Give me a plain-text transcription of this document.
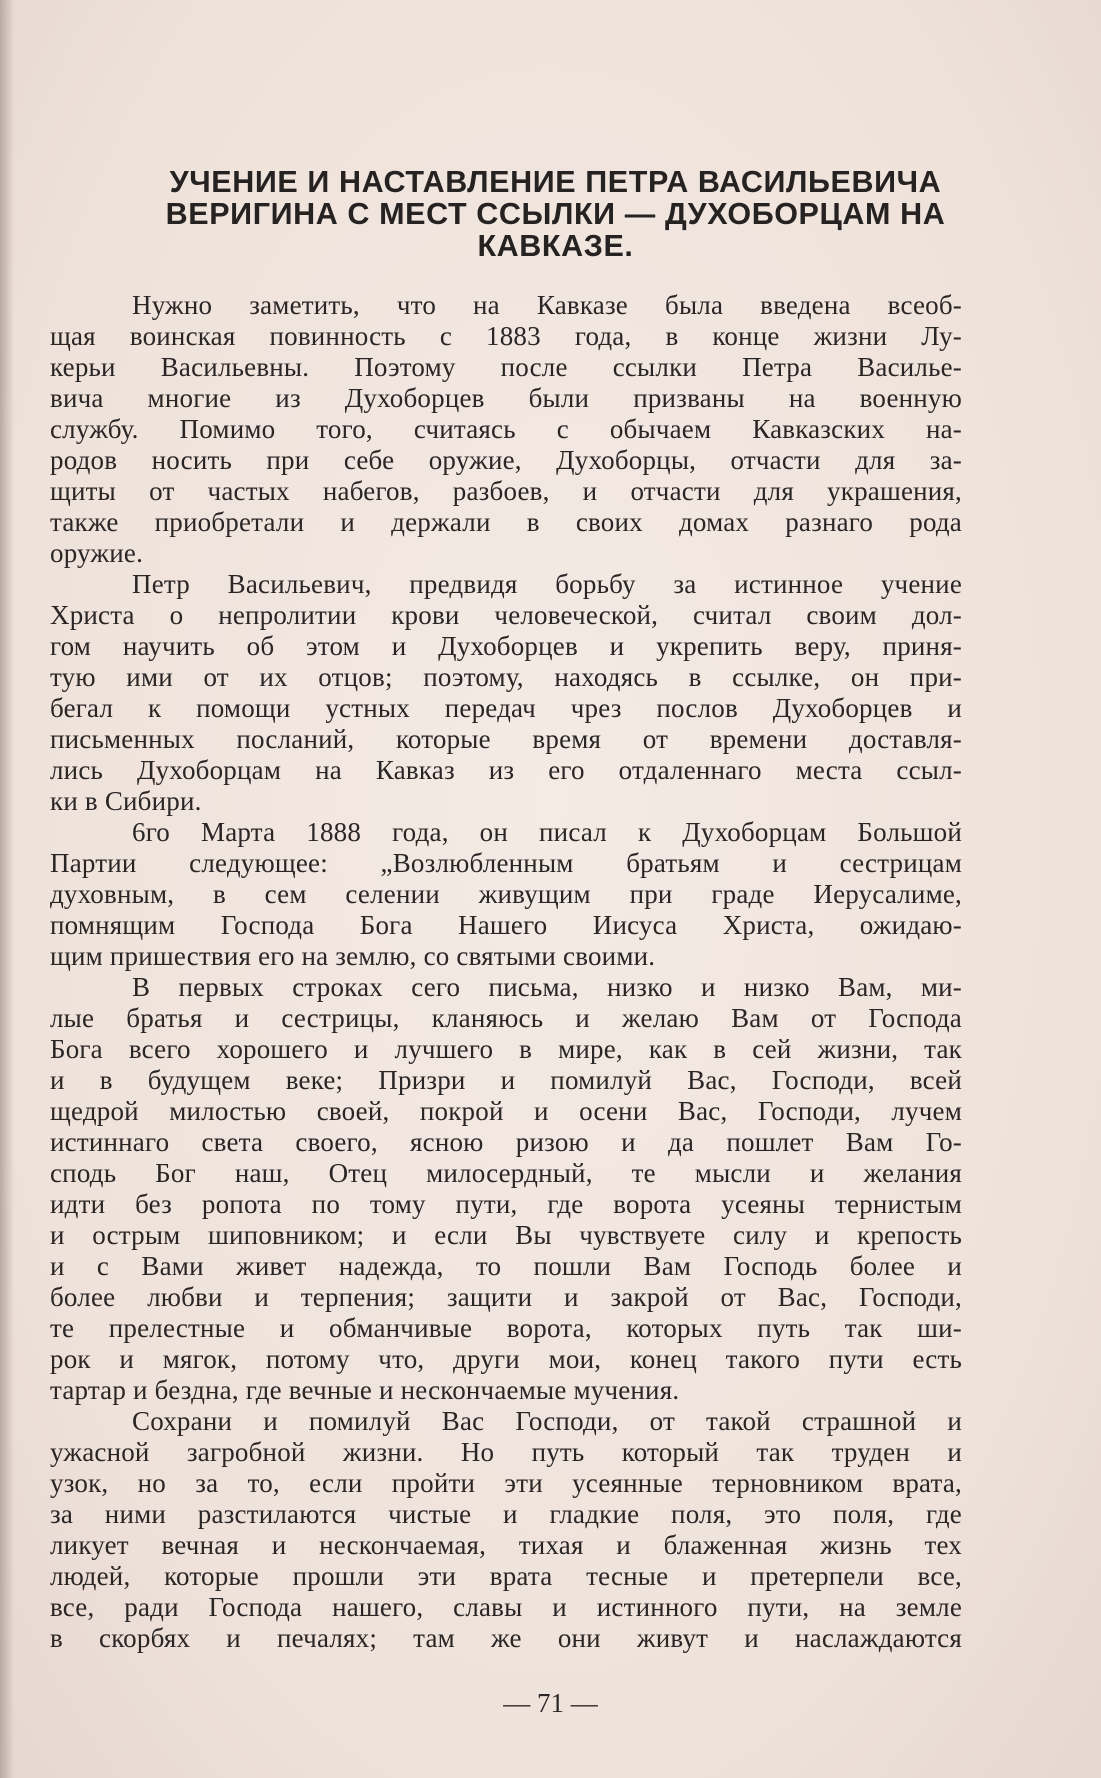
УЧЕНИЕ И НАСТАВЛЕНИЕ ПЕТРА ВАСИЛЬЕВИЧА
ВЕРИГИНА С МЕСТ ССЫЛКИ — ДУХОБОРЦАМ НА
КАВКАЗЕ.
Нужно заметить, что на Кавказе была введена всеоб-
щая воинская повинность с 1883 года, в конце жизни Лу-
керьи Васильевны. Поэтому после ссылки Петра Василье-
вича многие из Духоборцев были призваны на военную
службу. Помимо того, считаясь с обычаем Кавказских на-
родов носить при себе оружие, Духоборцы, отчасти для за-
щиты от частых набегов, разбоев, и отчасти для украшения,
также приобретали и держали в своих домах разнаго рода
оружие.
Петр Васильевич, предвидя борьбу за истинное учение
Христа о непролитии крови человеческой, считал своим дол-
гом научить об этом и Духоборцев и укрепить веру, приня-
тую ими от их отцов; поэтому, находясь в ссылке, он при-
бегал к помощи устных передач чрез послов Духоборцев и
письменных посланий, которые время от времени доставля-
лись Духоборцам на Кавказ из его отдаленнаго места ссыл-
ки в Сибири.
6го Марта 1888 года, он писал к Духоборцам Большой
Партии следующее: „Возлюбленным братьям и сестрицам
духовным, в сем селении живущим при граде Иерусалиме,
помнящим Господа Бога Нашего Иисуса Христа, ожидаю-
щим пришествия его на землю, со святыми своими.
В первых строках сего письма, низко и низко Вам, ми-
лые братья и сестрицы, кланяюсь и желаю Вам от Господа
Бога всего хорошего и лучшего в мире, как в сей жизни, так
и в будущем веке; Призри и помилуй Вас, Господи, всей
щедрой милостью своей, покрой и осени Вас, Господи, лучем
истиннаго света своего, ясною ризою и да пошлет Вам Го-
сподь Бог наш, Отец милосердный, те мысли и желания
идти без ропота по тому пути, где ворота усеяны тернистым
и острым шиповником; и если Вы чувствуете силу и крепость
и с Вами живет надежда, то пошли Вам Господь более и
более любви и терпения; защити и закрой от Вас, Господи,
те прелестные и обманчивые ворота, которых путь так ши-
рок и мягок, потому что, други мои, конец такого пути есть
тартар и бездна, где вечные и нескончаемые мучения.
Сохрани и помилуй Вас Господи, от такой страшной и
ужасной загробной жизни. Но путь который так труден и
узок, но за то, если пройти эти усеянные терновником врата,
за ними разстилаются чистые и гладкие поля, это поля, где
ликует вечная и нескончаемая, тихая и блаженная жизнь тех
людей, которые прошли эти врата тесные и претерпели все,
все, ради Господа нашего, славы и истинного пути, на земле
в скорбях и печалях; там же они живут и наслаждаются
— 71 —
